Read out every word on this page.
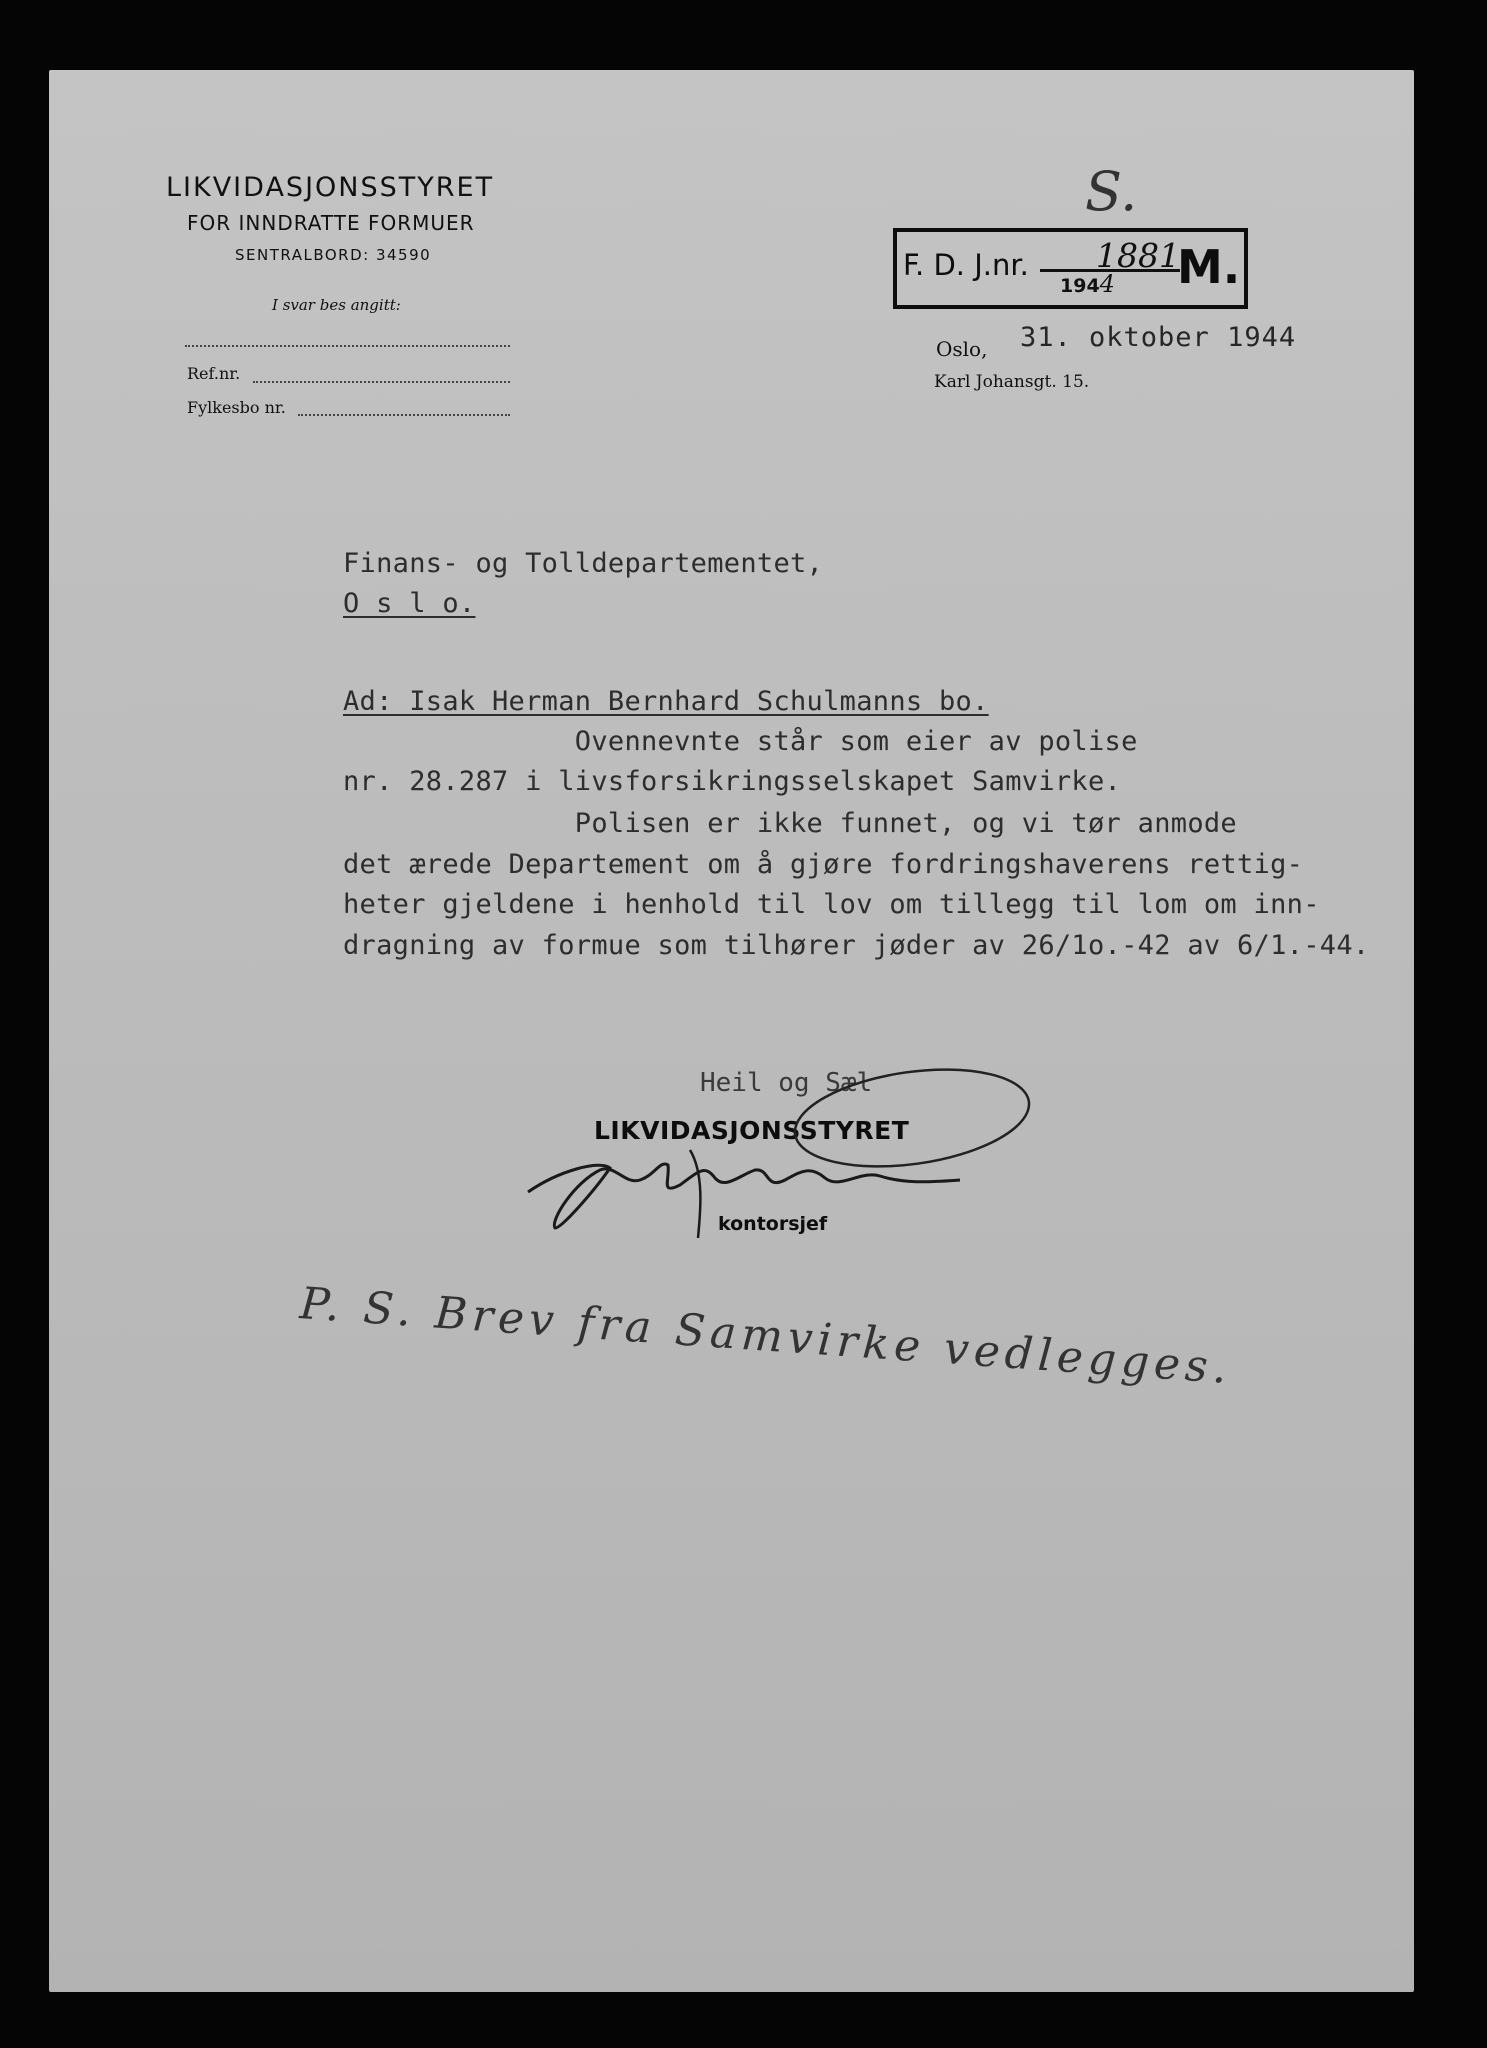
LIKVIDASJONSSTYRET
FOR INNDRATTE FORMUER
SENTRALBORD: 34590
I svar bes angitt:
Ref.nr.
Fylkesbo nr.
S.
F. D. J.nr. 1881
1944 M.
Oslo, 31. oktober 1944
Karl Johansgt. 15.
Finans- og Tolldepartementet,
O s l o.
Ad: Isak Herman Bernhard Schulmanns bo.
Ovennevnte står som eier av polise
nr. 28.287 i livsforsikringsselskapet Samvirke.
Polisen er ikke funnet, og vi tør anmode
det ærede Departement om å gjøre fordringshaverens rettig-
heter gjeldene i henhold til lov om tillegg til lom om inn-
dragning av formue som tilhører jøder av 26/1o.-42 av 6/1.-44.
Heil og Sæl
LIKVIDASJONSSTYRET
kontorsjef
P. S. Brev fra Samvirke vedlegges.
